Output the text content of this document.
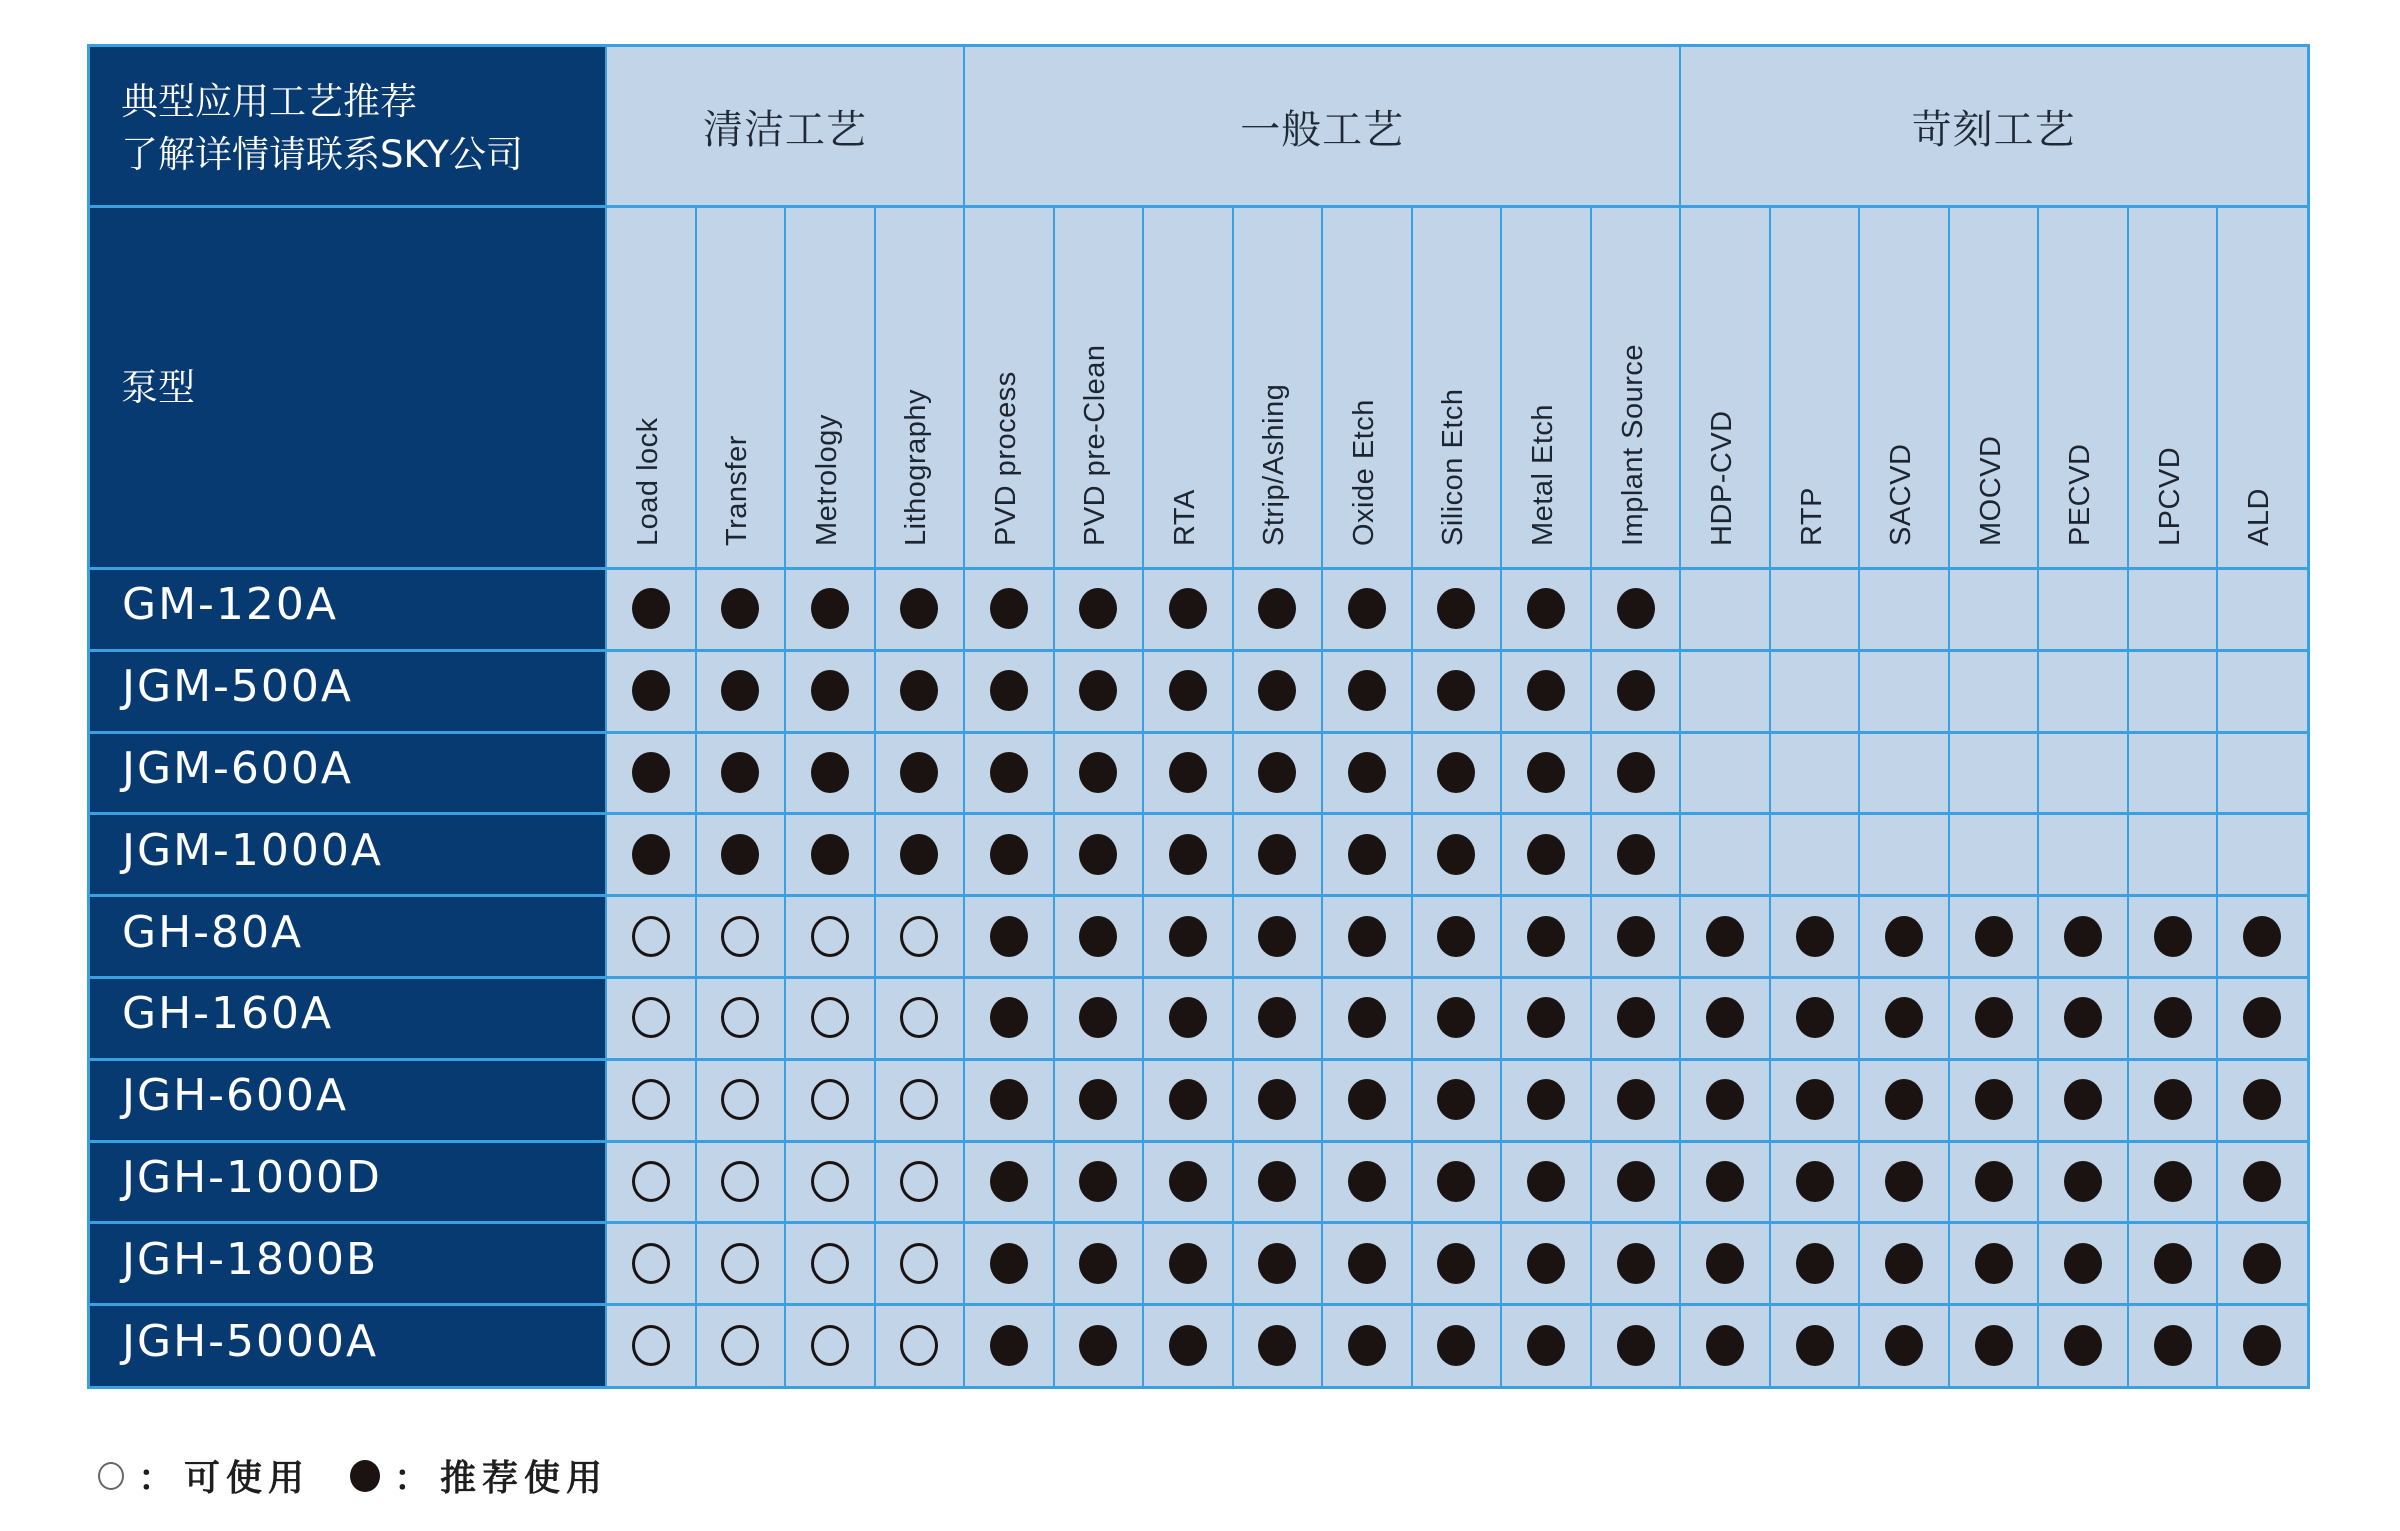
典型应用工艺推荐
了解详情请联系SKY公司
泵型
清洁工艺	一般工艺	苛刻工艺
Load lock Transfer Metrology Lithography PVD process PVD pre-Clean RTA Strip/Ashing Oxide Etch Silicon Etch Metal Etch Implant Source HDP-CVD RTP SACVD MOCVD PECVD LPCVD ALD
GM-120A
JGM-500A
JGM-600A
JGM-1000A
GH-80A
GH-160A
JGH-600A
JGH-1000D
JGH-1800B
JGH-5000A
： 可使用 ： 推荐使用
